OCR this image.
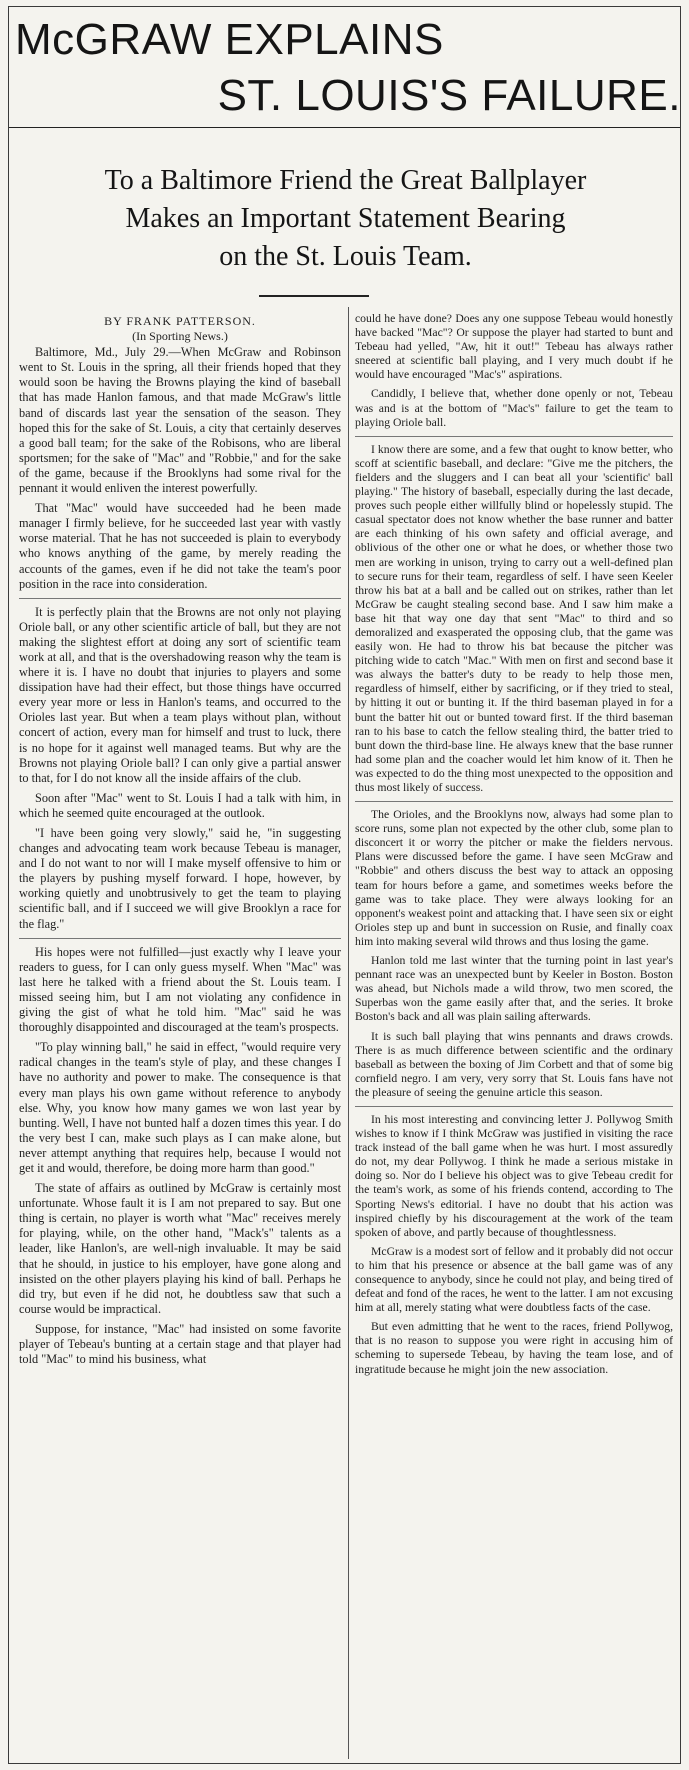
McGRAW EXPLAINS
ST. LOUIS'S FAILURE.
To a Baltimore Friend the Great Ballplayer
Makes an Important Statement Bearing
on the St. Louis Team.
BY FRANK PATTERSON.
(In Sporting News.)

Baltimore, Md., July 29.—When McGraw and Robinson went to St. Louis in the spring, all their friends hoped that they would soon be having the Browns playing the kind of baseball that has made Hanlon famous, and that made McGraw's little band of discards last year the sensation of the season. They hoped this for the sake of St. Louis, a city that certainly deserves a good ball team; for the sake of the Robisons, who are liberal sportsmen; for the sake of "Mac" and "Robbie," and for the sake of the game, because if the Brooklyns had some rival for the pennant it would enliven the interest powerfully.

That "Mac" would have succeeded had he been made manager I firmly believe, for he succeeded last year with vastly worse material. That he has not succeeded is plain to everybody who knows anything of the game, by merely reading the accounts of the games, even if he did not take the team's poor position in the race into consideration.

It is perfectly plain that the Browns are not only not playing Oriole ball, or any other scientific article of ball, but they are not making the slightest effort at doing any sort of scientific team work at all, and that is the overshadowing reason why the team is where it is. I have no doubt that injuries to players and some dissipation have had their effect, but those things have occurred every year more or less in Hanlon's teams, and occurred to the Orioles last year. But when a team plays without plan, without concert of action, every man for himself and trust to luck, there is no hope for it against well managed teams. But why are the Browns not playing Oriole ball? I can only give a partial answer to that, for I do not know all the inside affairs of the club.

Soon after "Mac" went to St. Louis I had a talk with him, in which he seemed quite encouraged at the outlook.

"I have been going very slowly," said he, "in suggesting changes and advocating team work because Tebeau is manager, and I do not want to nor will I make myself offensive to him or the players by pushing myself forward. I hope, however, by working quietly and unobtrusively to get the team to playing scientific ball, and if I succeed we will give Brooklyn a race for the flag."

His hopes were not fulfilled—just exactly why I leave your readers to guess, for I can only guess myself. When "Mac" was last here he talked with a friend about the St. Louis team. I missed seeing him, but I am not violating any confidence in giving the gist of what he told him. "Mac" said he was thoroughly disappointed and discouraged at the team's prospects.

"To play winning ball," he said in effect, "would require very radical changes in the team's style of play, and these changes I have no authority and power to make. The consequence is that every man plays his own game without reference to anybody else. Why, you know how many games we won last year by bunting. Well, I have not bunted half a dozen times this year. I do the very best I can, make such plays as I can make alone, but never attempt anything that requires help, because I would not get it and would, therefore, be doing more harm than good."

The state of affairs as outlined by McGraw is certainly most unfortunate. Whose fault it is I am not prepared to say. But one thing is certain, no player is worth what "Mac" receives merely for playing, while, on the other hand, "Mack's" talents as a leader, like Hanlon's, are well-nigh invaluable. It may be said that he should, in justice to his employer, have gone along and insisted on the other players playing his kind of ball. Perhaps he did try, but even if he did not, he doubtless saw that such a course would be impractical.

Suppose, for instance, "Mac" had insisted on some favorite player of Tebeau's bunting at a certain stage and that player had told "Mac" to mind his business, what

could he have done? Does any one suppose Tebeau would honestly have backed "Mac"? Or suppose the player had started to bunt and Tebeau had yelled, "Aw, hit it out!" Tebeau has always rather sneered at scientific ball playing, and I very much doubt if he would have encouraged "Mac's" aspirations.

Candidly, I believe that, whether done openly or not, Tebeau was and is at the bottom of "Mac's" failure to get the team to playing Oriole ball.

I know there are some, and a few that ought to know better, who scoff at scientific baseball, and declare: "Give me the pitchers, the fielders and the sluggers and I can beat all your 'scientific' ball playing." The history of baseball, especially during the last decade, proves such people either willfully blind or hopelessly stupid. The casual spectator does not know whether the base runner and batter are each thinking of his own safety and official average, and oblivious of the other one or what he does, or whether those two men are working in unison, trying to carry out a well-defined plan to secure runs for their team, regardless of self. I have seen Keeler throw his bat at a ball and be called out on strikes, rather than let McGraw be caught stealing second base. And I saw him make a base hit that way one day that sent "Mac" to third and so demoralized and exasperated the opposing club, that the game was easily won. He had to throw his bat because the pitcher was pitching wide to catch "Mac." With men on first and second base it was always the batter's duty to be ready to help those men, regardless of himself, either by sacrificing, or if they tried to steal, by hitting it out or bunting it. If the third baseman played in for a bunt the batter hit out or bunted toward first. If the third baseman ran to his base to catch the fellow stealing third, the batter tried to bunt down the third-base line. He always knew that the base runner had some plan and the coacher would let him know of it. Then he was expected to do the thing most unexpected to the opposition and thus most likely of success.

The Orioles, and the Brooklyns now, always had some plan to score runs, some plan not expected by the other club, some plan to disconcert it or worry the pitcher or make the fielders nervous. Plans were discussed before the game. I have seen McGraw and "Robbie" and others discuss the best way to attack an opposing team for hours before a game, and sometimes weeks before the game was to take place. They were always looking for an opponent's weakest point and attacking that. I have seen six or eight Orioles step up and bunt in succession on Rusie, and finally coax him into making several wild throws and thus losing the game.

Hanlon told me last winter that the turning point in last year's pennant race was an unexpected bunt by Keeler in Boston. Boston was ahead, but Nichols made a wild throw, two men scored, the Superbas won the game easily after that, and the series. It broke Boston's back and all was plain sailing afterwards.

It is such ball playing that wins pennants and draws crowds. There is as much difference between scientific and the ordinary baseball as between the boxing of Jim Corbett and that of some big cornfield negro. I am very, very sorry that St. Louis fans have not the pleasure of seeing the genuine article this season.

In his most interesting and convincing letter J. Pollywog Smith wishes to know if I think McGraw was justified in visiting the race track instead of the ball game when he was hurt. I most assuredly do not, my dear Pollywog. I think he made a serious mistake in doing so. Nor do I believe his object was to give Tebeau credit for the team's work, as some of his friends contend, according to The Sporting News's editorial. I have no doubt that his action was inspired chiefly by his discouragement at the work of the team spoken of above, and partly because of thoughtlessness.

McGraw is a modest sort of fellow and it probably did not occur to him that his presence or absence at the ball game was of any consequence to anybody, since he could not play, and being tired of defeat and fond of the races, he went to the latter. I am not excusing him at all, merely stating what were doubtless facts of the case.

But even admitting that he went to the races, friend Pollywog, that is no reason to suppose you were right in accusing him of scheming to supersede Tebeau, by having the team lose, and of ingratitude because he might join the new association.
